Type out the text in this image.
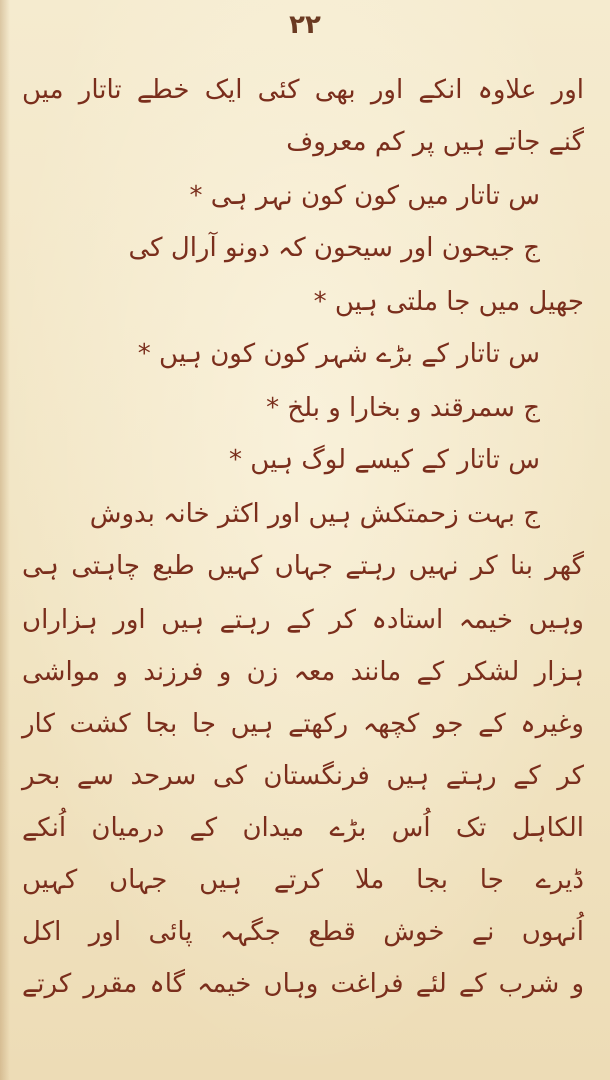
۲۲
اور علاوہ انکے اور بھی کئی ایک خطے تاتار میں
گنے جاتے ہیں پر کم معروف
س تاتار میں کون کون نہر ہی *
ج جیحون اور سیحون کہ دونو آرال کی
جھیل میں جا ملتی ہیں *
س تاتار کے بڑے شہر کون کون ہیں *
ج سمرقند و بخارا و بلخ *
س تاتار کے کیسے لوگ ہیں *
ج بہت زحمتکش ہیں اور اکثر خانہ بدوش
گھر بنا کر نہیں رہتے جہاں کہیں طبع چاہتی ہی
وہیں خیمہ استادہ کر کے رہتے ہیں اور ہزاراں
ہزار لشکر کے مانند معہ زن و فرزند و مواشی
وغیرہ کے جو کچھہ رکھتے ہیں جا بجا کشت کار
کر کے رہتے ہیں فرنگستان کی سرحد سے بحر
الکاہل تک اُس بڑے میدان کے درمیان اُنکے
ڈیرے جا بجا ملا کرتے ہیں جہاں کہیں
اُنہوں نے خوش قطع جگہہ پائی اور اکل
و شرب کے لئے فراغت وہاں خیمہ گاہ مقرر کرتے
